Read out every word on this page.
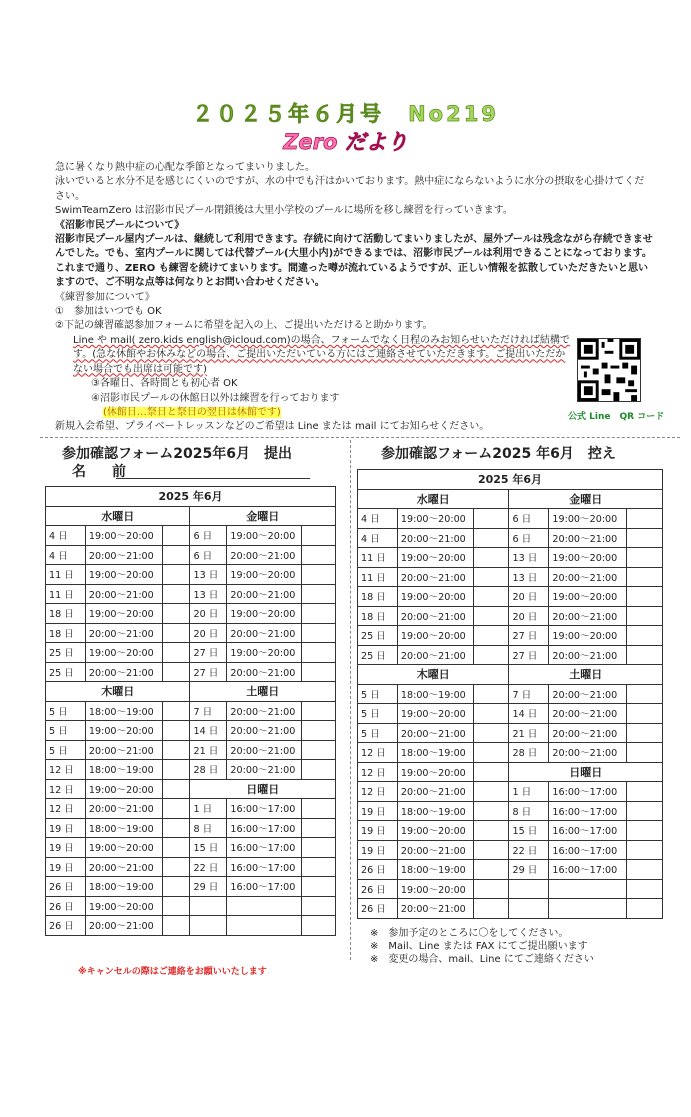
２０２５年６月号　No219
Zero だより

急に暑くなり熱中症の心配な季節となってまいりました。

泳いでいると水分不足を感じにくいのですが、水の中でも汗はかいております。熱中症にならないように水分の摂取を心掛けてください。

SwimTeamZero は沼影市民プール閉鎖後は大里小学校のプールに場所を移し練習を行っていきます。

《沼影市民プールについて》

沼影市民プール屋内プールは、継続して利用できます。存続に向けて活動してまいりましたが、屋外プールは残念ながら存続できませんでした。でも、室内プールに関しては代替プール(大里小内)ができるまでは、沼影市民プールは利用できることになっております。これまで通り、ZERO も練習を続けてまいります。間違った噂が流れているようですが、正しい情報を拡散していただきたいと思いますので、ご不明な点等は何なりとお問い合わせください。

《練習参加について》

①　参加はいつでも OK

②下記の練習確認参加フォームに希望を記入の上、ご提出いただけると助かります。

Line や mail( zero.kids english@icloud.com)の場合、フォームでなく日程のみお知らせいただければ結構です。(急な休館やお休みなどの場合、ご提出いただいている方にはご連絡させていただきます。ご提出いただかない場合でも出席は可能です)

③各曜日、各時間とも初心者 OK

④沼影市民プールの休館日以外は練習を行っております

(休館日…祭日と祭日の翌日は休館です)

新規入会希望、プライベートレッスンなどのご希望は Line または mail にてお知らせください。

公式 Line　QR コード
参加確認フォーム2025年6月　提出
名　前
2025 年6月					
水曜日			金曜日		
4 日	19:00～20:00		6 日	19:00～20:00	
4 日	20:00～21:00		6 日	20:00～21:00	
11 日	19:00～20:00		13 日	19:00～20:00	
11 日	20:00～21:00		13 日	20:00～21:00	
18 日	19:00～20:00		20 日	19:00～20:00	
18 日	20:00～21:00		20 日	20:00～21:00	
25 日	19:00～20:00		27 日	19:00～20:00	
25 日	20:00～21:00		27 日	20:00～21:00	
木曜日			土曜日		
5 日	18:00～19:00		7 日	20:00～21:00	
5 日	19:00～20:00		14 日	20:00～21:00	
5 日	20:00～21:00		21 日	20:00～21:00	
12 日	18:00～19:00		28 日	20:00～21:00	
12 日	19:00～20:00		日曜日		
12 日	20:00～21:00		1 日	16:00～17:00	
19 日	18:00～19:00		8 日	16:00～17:00	
19 日	19:00～20:00		15 日	16:00～17:00	
19 日	20:00～21:00		22 日	16:00～17:00	
26 日	18:00～19:00		29 日	16:00～17:00	
26 日	19:00～20:00				
26 日	20:00～21:00				
参加確認フォーム2025 年6月　控え
2025 年6月					
水曜日			金曜日		
4 日	19:00～20:00		6 日	19:00～20:00	
4 日	20:00～21:00		6 日	20:00～21:00	
11 日	19:00～20:00		13 日	19:00～20:00	
11 日	20:00～21:00		13 日	20:00～21:00	
18 日	19:00～20:00		20 日	19:00～20:00	
18 日	20:00～21:00		20 日	20:00～21:00	
25 日	19:00～20:00		27 日	19:00～20:00	
25 日	20:00～21:00		27 日	20:00～21:00	
木曜日			土曜日		
5 日	18:00～19:00		7 日	20:00～21:00	
5 日	19:00～20:00		14 日	20:00～21:00	
5 日	20:00～21:00		21 日	20:00～21:00	
12 日	18:00～19:00		28 日	20:00～21:00	
12 日	19:00～20:00		日曜日		
12 日	20:00～21:00		1 日	16:00～17:00	
19 日	18:00～19:00		8 日	16:00～17:00	
19 日	19:00～20:00		15 日	16:00～17:00	
19 日	20:00～21:00		22 日	16:00～17:00	
26 日	18:00～19:00		29 日	16:00～17:00	
26 日	19:00～20:00				
26 日	20:00～21:00				
※　参加予定のところに〇をしてください。
※　Mail、Line または FAX にてご提出願います
※　変更の場合、mail、Line にてご連絡ください
※キャンセルの際はご連絡をお願いいたします
